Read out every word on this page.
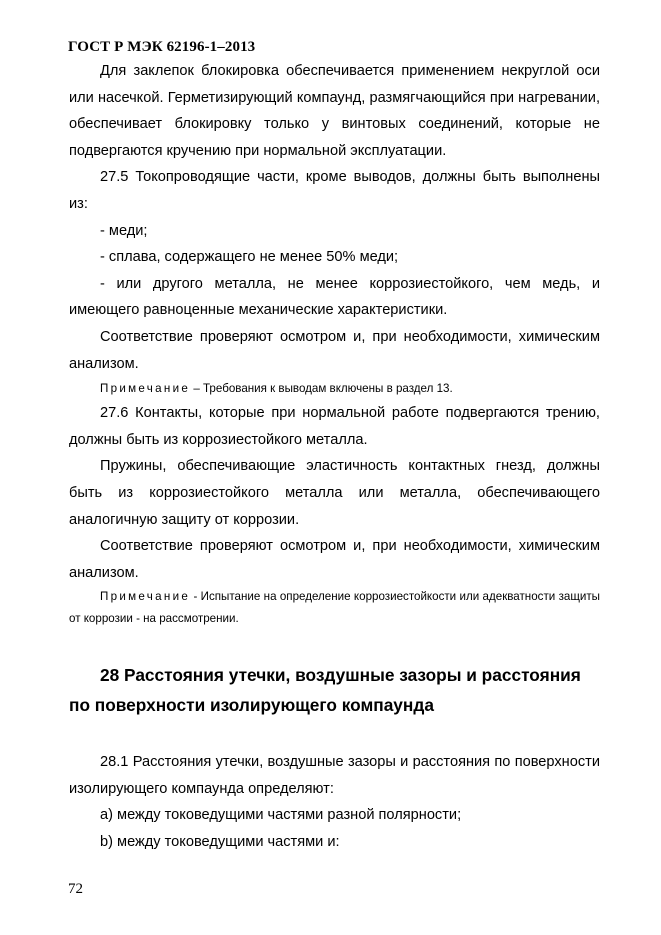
ГОСТ Р МЭК 62196-1–2013

Для заклепок блокировка обеспечивается применением некруглой оси или насечкой. Герметизирующий компаунд, размягчающийся при нагревании, обеспечивает блокировку только у винтовых соединений, которые не подвергаются кручению при нормальной эксплуатации.

27.5 Токопроводящие части, кроме выводов, должны быть выполнены из:

- меди;

- сплава, содержащего не менее 50% меди;

- или другого металла, не менее коррозиестойкого, чем медь, и имеющего равноценные механические характеристики.

Соответствие проверяют осмотром и, при необходимости, химическим анализом.

Примечание – Требования к выводам включены в раздел 13.

27.6 Контакты, которые при нормальной работе подвергаются трению, должны быть из коррозиестойкого металла.

Пружины, обеспечивающие эластичность контактных гнезд, должны быть из коррозиестойкого металла или металла, обеспечивающего аналогичную защиту от коррозии.

Соответствие проверяют осмотром и, при необходимости, химическим анализом.

Примечание - Испытание на определение коррозиестойкости или адекватности защиты от коррозии - на рассмотрении.

28 Расстояния утечки, воздушные зазоры и расстояния
по поверхности изолирующего компаунда

28.1 Расстояния утечки, воздушные зазоры и расстояния по поверхности изолирующего компаунда определяют:

a) между токоведущими частями разной полярности;

b) между токоведущими частями и:

72
